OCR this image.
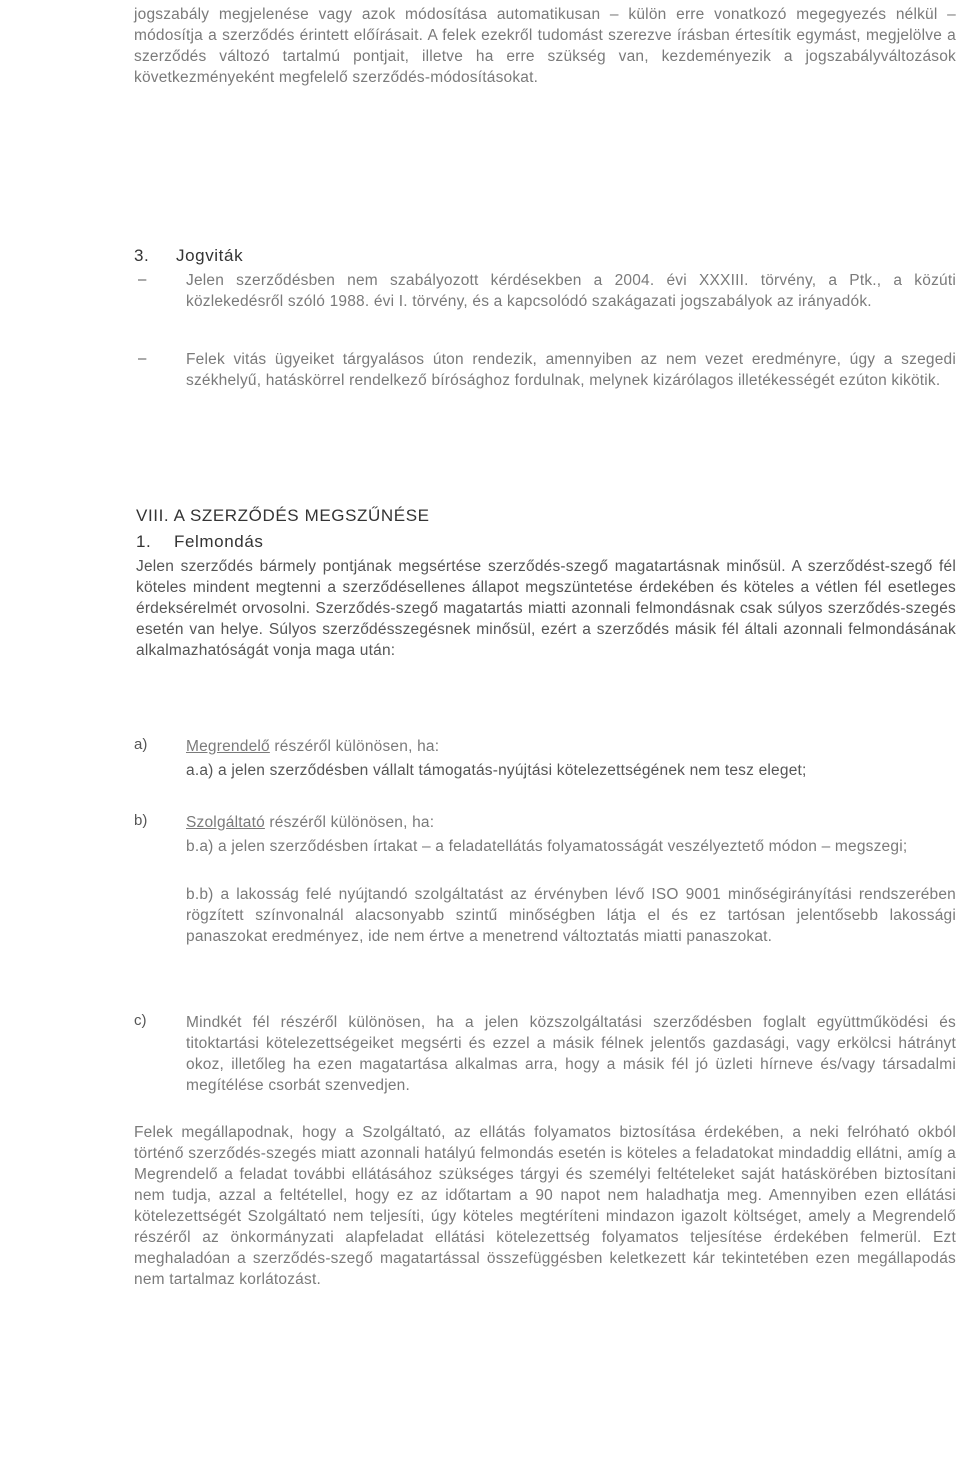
jogszabály megjelenése vagy azok módosítása automatikusan – külön erre vonatkozó megegyezés nélkül – módosítja a szerződés érintett előírásait. A felek ezekről tudomást szerezve írásban értesítik egymást, megjelölve a szerződés változó tartalmú pontjait, illetve ha erre szükség van, kezdeményezik a jogszabályváltozások következményeként megfelelő szerződés-módosításokat.

3. Jogviták
–	Jelen szerződésben nem szabályozott kérdésekben a 2004. évi XXXIII. törvény, a Ptk., a közúti közlekedésről szóló 1988. évi I. törvény, és a kapcsolódó szakágazati jogszabályok az irányadók.

–	Felek vitás ügyeiket tárgyalásos úton rendezik, amennyiben az nem vezet eredményre, úgy a szegedi székhelyű, hatáskörrel rendelkező bírósághoz fordulnak, melynek kizárólagos illetékességét ezúton kikötik.

VIII. A SZERZŐDÉS MEGSZŰNÉSE
1. Felmondás

Jelen szerződés bármely pontjának megsértése szerződés-szegő magatartásnak minősül. A szerződést-szegő fél köteles mindent megtenni a szerződésellenes állapot megszüntetése érdekében és köteles a vétlen fél esetleges érdeksérelmét orvosolni. Szerződés-szegő magatartás miatti azonnali felmondásnak csak súlyos szerződés-szegés esetén van helye. Súlyos szerződésszegésnek minősül, ezért a szerződés másik fél általi azonnali felmondásának alkalmazhatóságát vonja maga után:

a) Megrendelő részéről különösen, ha:

a.a) a jelen szerződésben vállalt támogatás-nyújtási kötelezettségének nem tesz eleget;

b) Szolgáltató részéről különösen, ha:

b.a) a jelen szerződésben írtakat – a feladatellátás folyamatosságát veszélyeztető módon – megszegi;

b.b) a lakosság felé nyújtandó szolgáltatást az érvényben lévő ISO 9001 minőségirányítási rendszerében rögzített színvonalnál alacsonyabb szintű minőségben látja el és ez tartósan jelentősebb lakossági panaszokat eredményez, ide nem értve a menetrend változtatás miatti panaszokat.

c)	Mindkét fél részéről különösen, ha a jelen közszolgáltatási szerződésben foglalt együttműködési és titoktartási kötelezettségeiket megsérti és ezzel a másik félnek jelentős gazdasági, vagy erkölcsi hátrányt okoz, illetőleg ha ezen magatartása alkalmas arra, hogy a másik fél jó üzleti hírneve és/vagy társadalmi megítélése csorbát szenvedjen.

Felek megállapodnak, hogy a Szolgáltató, az ellátás folyamatos biztosítása érdekében, a neki felróható okból történő szerződés-szegés miatt azonnali hatályú felmondás esetén is köteles a feladatokat mindaddig ellátni, amíg a Megrendelő a feladat további ellátásához szükséges tárgyi és személyi feltételeket saját hatáskörében biztosítani nem tudja, azzal a feltétellel, hogy ez az időtartam a 90 napot nem haladhatja meg. Amennyiben ezen ellátási kötelezettségét Szolgáltató nem teljesíti, úgy köteles megtéríteni mindazon igazolt költséget, amely a Megrendelő részéről az önkormányzati alapfeladat ellátási kötelezettség folyamatos teljesítése érdekében felmerül. Ezt meghaladóan a szerződés-szegő magatartással összefüggésben keletkezett kár tekintetében ezen megállapodás nem tartalmaz korlátozást.
